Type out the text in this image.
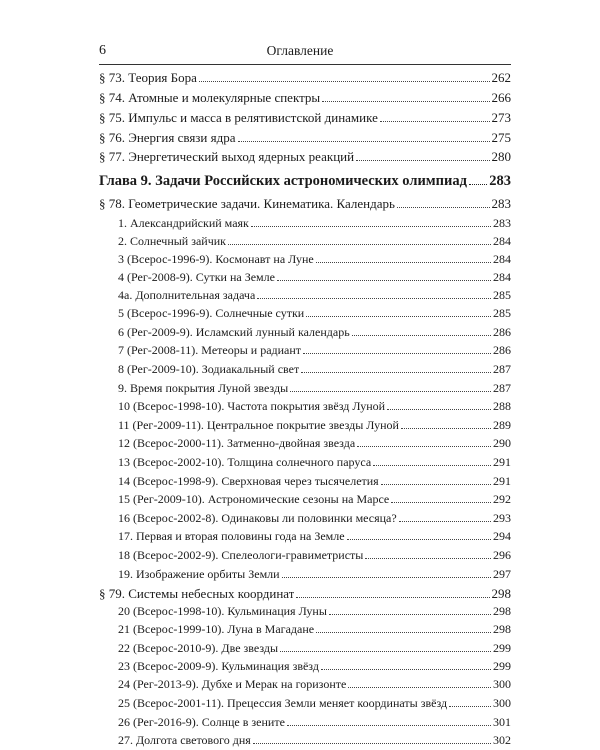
6	Оглавление
§ 73. Теория Бора	262
§ 74. Атомные и молекулярные спектры	266
§ 75. Импульс и масса в релятивистской динамике	273
§ 76. Энергия связи ядра	275
§ 77. Энергетический выход ядерных реакций	280
Глава 9. Задачи Российских астрономических олимпиад 283
§ 78. Геометрические задачи. Кинематика. Календарь	283
1. Александрийский маяк	283
2. Солнечный зайчик	284
3 (Всерос-1996-9). Космонавт на Луне	284
4 (Рег-2008-9). Сутки на Земле	284
4а. Дополнительная задача	285
5 (Всерос-1996-9). Солнечные сутки	285
6 (Рег-2009-9). Исламский лунный календарь	286
7 (Рег-2008-11). Метеоры и радиант	286
8 (Рег-2009-10). Зодиакальный свет	287
9. Время покрытия Луной звезды	287
10 (Всерос-1998-10). Частота покрытия звёзд Луной	288
11 (Рег-2009-11). Центральное покрытие звезды Луной	289
12 (Всерос-2000-11). Затменно-двойная звезда	290
13 (Всерос-2002-10). Толщина солнечного паруса	291
14 (Всерос-1998-9). Сверхновая через тысячелетия	291
15 (Рег-2009-10). Астрономические сезоны на Марсе	292
16 (Всерос-2002-8). Одинаковы ли половинки месяца?	293
17. Первая и вторая половины года на Земле	294
18 (Всерос-2002-9). Спелеологи-гравиметристы	296
19. Изображение орбиты Земли	297
§ 79. Системы небесных координат	298
20 (Всерос-1998-10). Кульминация Луны	298
21 (Всерос-1999-10). Луна в Магадане	298
22 (Всерос-2010-9). Две звезды	299
23 (Всерос-2009-9). Кульминация звёзд	299
24 (Рег-2013-9). Дубхе и Мерак на горизонте	300
25 (Всерос-2001-11). Прецессия Земли меняет координаты звёзд	300
26 (Рег-2016-9). Солнце в зените	301
27. Долгота светового дня	302
